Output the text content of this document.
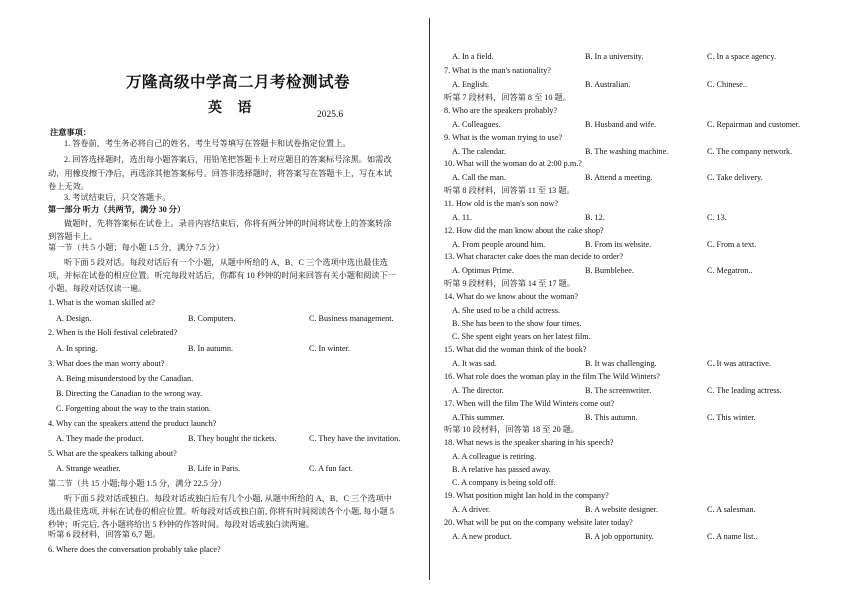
万隆高级中学高二月考检测试卷
英 语	2025.6
注意事项：
1. 答卷前，考生务必将自己的姓名、考生号等填写在答题卡和试卷指定位置上。
2. 回答选择题时，选出每小题答案后，用铅笔把答题卡上对应题目的答案标号涂黑。如需改动，用橡皮擦干净后，再选涂其他答案标号。回答非选择题时，将答案写在答题卡上，写在本试卷上无效。
3. 考试结束后，只交答题卡。
第一部分 听力（共两节，满分 30 分）
做题时，先将答案标在试卷上。录音内容结束后，你将有两分钟的时间将试卷上的答案转涂到答题卡上。
第一节（共 5 小题；每小题 1.5 分，满分 7.5 分）
听下面 5 段对话。每段对话后有一个小题，从题中所给的 A、B、C 三个选项中选出最佳选项，并标在试卷的相应位置。听完每段对话后，你都有 10 秒钟的时间来回答有关小题和阅读下一小题。每段对话仅读一遍。
1. What is the woman skilled at?
A. Design.	B. Computers.	C. Business management.
2. When is the Holi festival celebrated?
A. In spring.	B. In autumn.	C. In winter.
3. What does the man worry about?
A. Being misunderstood by the Canadian.
B. Directing the Canadian to the wrong way.
C. Forgetting about the way to the train station.
4. Why can the speakers attend the product launch?
A. They made the product.	B. They bought the tickets.	C. They have the invitation.
5. What are the speakers talking about?
A. Strange weather.	B. Life in Paris.	C. A fun fact.
第二节（共 15 小题;每小题 1.5 分，满分 22.5 分）
听下面 5 段对话或独白。每段对话或独白后有几个小题, 从题中所给的 A、B、C 三个选项中选出最佳选项, 并标在试卷的相应位置。听每段对话或独白前, 你将有时间阅读各个小题, 每小题 5 秒钟；听完后, 各小题将给出 5 秒钟的作答时间。每段对话或独白读两遍。
听第 6 段材料，回答第 6,7 题。
6. Where does the conversation probably take place?
A. In a field.	B. In a university.	C. In a space agency.
7. What is the man's nationality?
A. English.	B. Australian.	C. Chinese..
听第 7 段材料，回答第 8 至 10 题。
8. Who are the speakers probably?
A. Colleagues.	B. Husband and wife.	C. Repairman and customer.
9. What is the woman trying to use?
A. The calendar.	B. The washing machine.	C. The company network.
10. What will the woman do at 2:00 p.m.?
A. Call the man.	B. Attend a meeting.	C. Take delivery.
听第 8 段材料，回答第 11 至 13 题。
11. How old is the man's son now?
A. 11.	B. 12.	C. 13.
12. How did the man know about the cake shop?
A. From people around him.	B. From its website.	C. From a text.
13. What character cake does the man decide to order?
A. Optimus Prime.	B. Bumblebee.	C. Megatron..
听第 9 段材料，回答第 14 至 17 题。
14. What do we know about the woman?
A. She used to be a child actress.
B. She has been to the show four times.
C. She spent eight years on her latest film.
15. What did the woman think of the book?
A. It was sad.	B. It was challenging.	C. It was attractive.
16. What role does the woman play in the film The Wild Winters?
A. The director.	B. The screenwriter.	C. The leading actress.
17. When will the film The Wild Winters come out?
A.This summer.	B. This autumn.	C. This winter.
听第 10 段材料，回答第 18 至 20 题。
18. What news is the speaker sharing in his speech?
A. A colleague is retiring.
B. A relative has passed away.
C. A company is being sold off.
19. What position might Ian hold in the company?
A. A driver.	B. A website designer.	C. A salesman.
20. What will be put on the company website later today?
A. A new product.	B. A job opportunity.	C. A name list..
